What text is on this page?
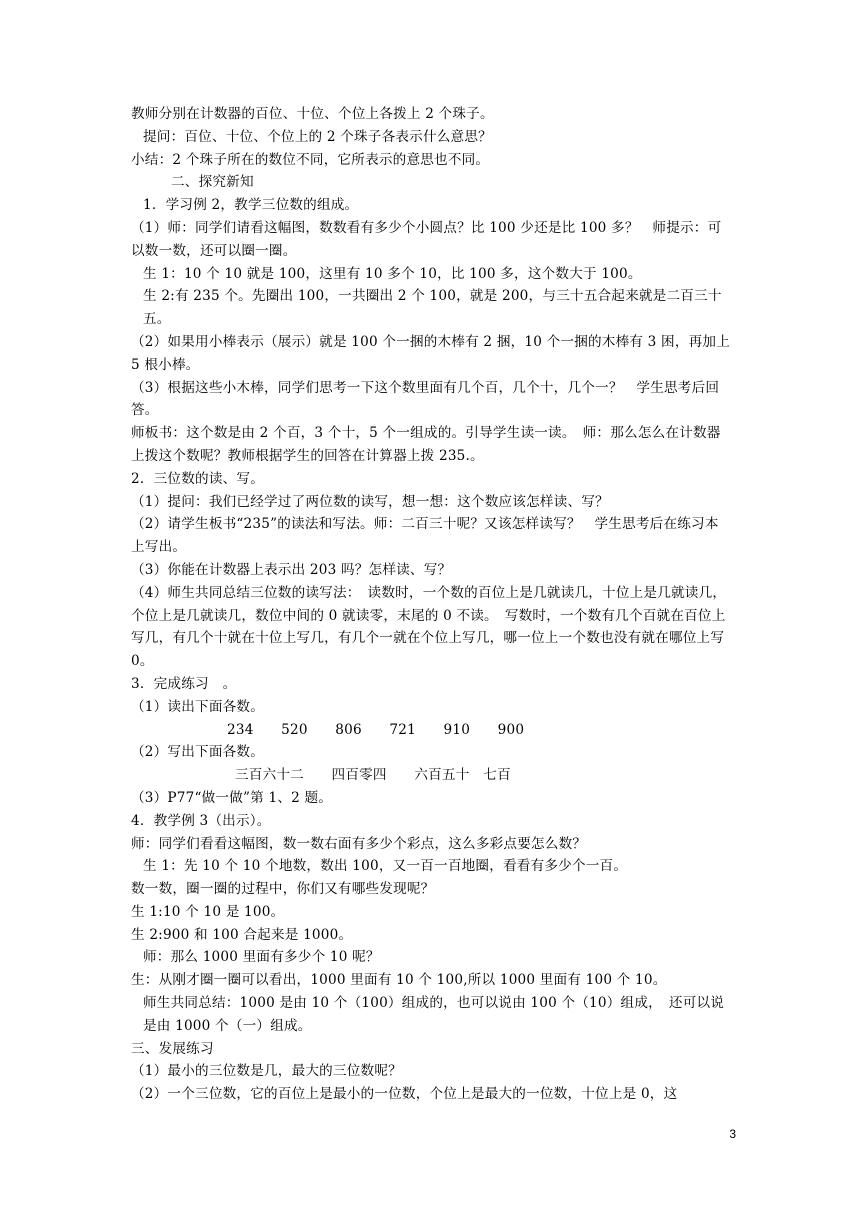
教师分别在计数器的百位、十位、个位上各拨上 2 个珠子。

提问：百位、十位、个位上的 2 个珠子各表示什么意思？

小结：2 个珠子所在的数位不同，它所表示的意思也不同。

二、探究新知

1．学习例 2，教学三位数的组成。

（1）师：同学们请看这幅图，数数看有多少个小圆点？比 100 少还是比 100 多？　师提示：可以数一数，还可以圈一圈。

生 1：10 个 10 就是 100，这里有 10 多个 10，比 100 多，这个数大于 100。

生 2:有 235 个。先圈出 100，一共圈出 2 个 100，就是 200，与三十五合起来就是二百三十五。

（2）如果用小棒表示（展示）就是 100 个一捆的木棒有 2 捆，10 个一捆的木棒有 3 困，再加上 5 根小棒。

（3）根据这些小木棒，同学们思考一下这个数里面有几个百，几个十，几个一？　学生思考后回答。

师板书：这个数是由 2 个百，3 个十，5 个一组成的。引导学生读一读。　师：那么怎么在计数器上拨这个数呢？教师根据学生的回答在计算器上拨 235.。

2．三位数的读、写。

（1）提问：我们已经学过了两位数的读写，想一想：这个数应该怎样读、写？

（2）请学生板书“235”的读法和写法。师：二百三十呢？又该怎样读写？　学生思考后在练习本上写出。

（3）你能在计数器上表示出 203 吗？怎样读、写？

（4）师生共同总结三位数的读写法：　读数时，一个数的百位上是几就读几，十位上是几就读几，个位上是几就读几，数位中间的 0 就读零，末尾的 0 不读。　写数时，一个数有几个百就在百位上写几，有几个十就在十位上写几，有几个一就在个位上写几，哪一位上一个数也没有就在哪位上写 0。

3．完成练习　。

（1）读出下面各数。

234　　520　　806　　721　　910　　900

（2）写出下面各数。

三百六十二　　四百零四　　六百五十　七百

（3）P77“做一做”第 1、2 题。

4．教学例 3（出示）。

师：同学们看看这幅图，数一数右面有多少个彩点，这么多彩点要怎么数？

生 1：先 10 个 10 个地数，数出 100，又一百一百地圈，看看有多少个一百。

数一数，圈一圈的过程中，你们又有哪些发现呢？

生 1:10 个 10 是 100。

生 2:900 和 100 合起来是 1000。

师：那么 1000 里面有多少个 10 呢？

生：从刚才圈一圈可以看出，1000 里面有 10 个 100,所以 1000 里面有 100 个 10。

师生共同总结：1000 是由 10 个（100）组成的，也可以说由 100 个（10）组成，　还可以说是由 1000 个（一）组成。

三、发展练习

（1）最小的三位数是几，最大的三位数呢？

（2）一个三位数，它的百位上是最小的一位数，个位上是最大的一位数，十位上是 0，这

3
